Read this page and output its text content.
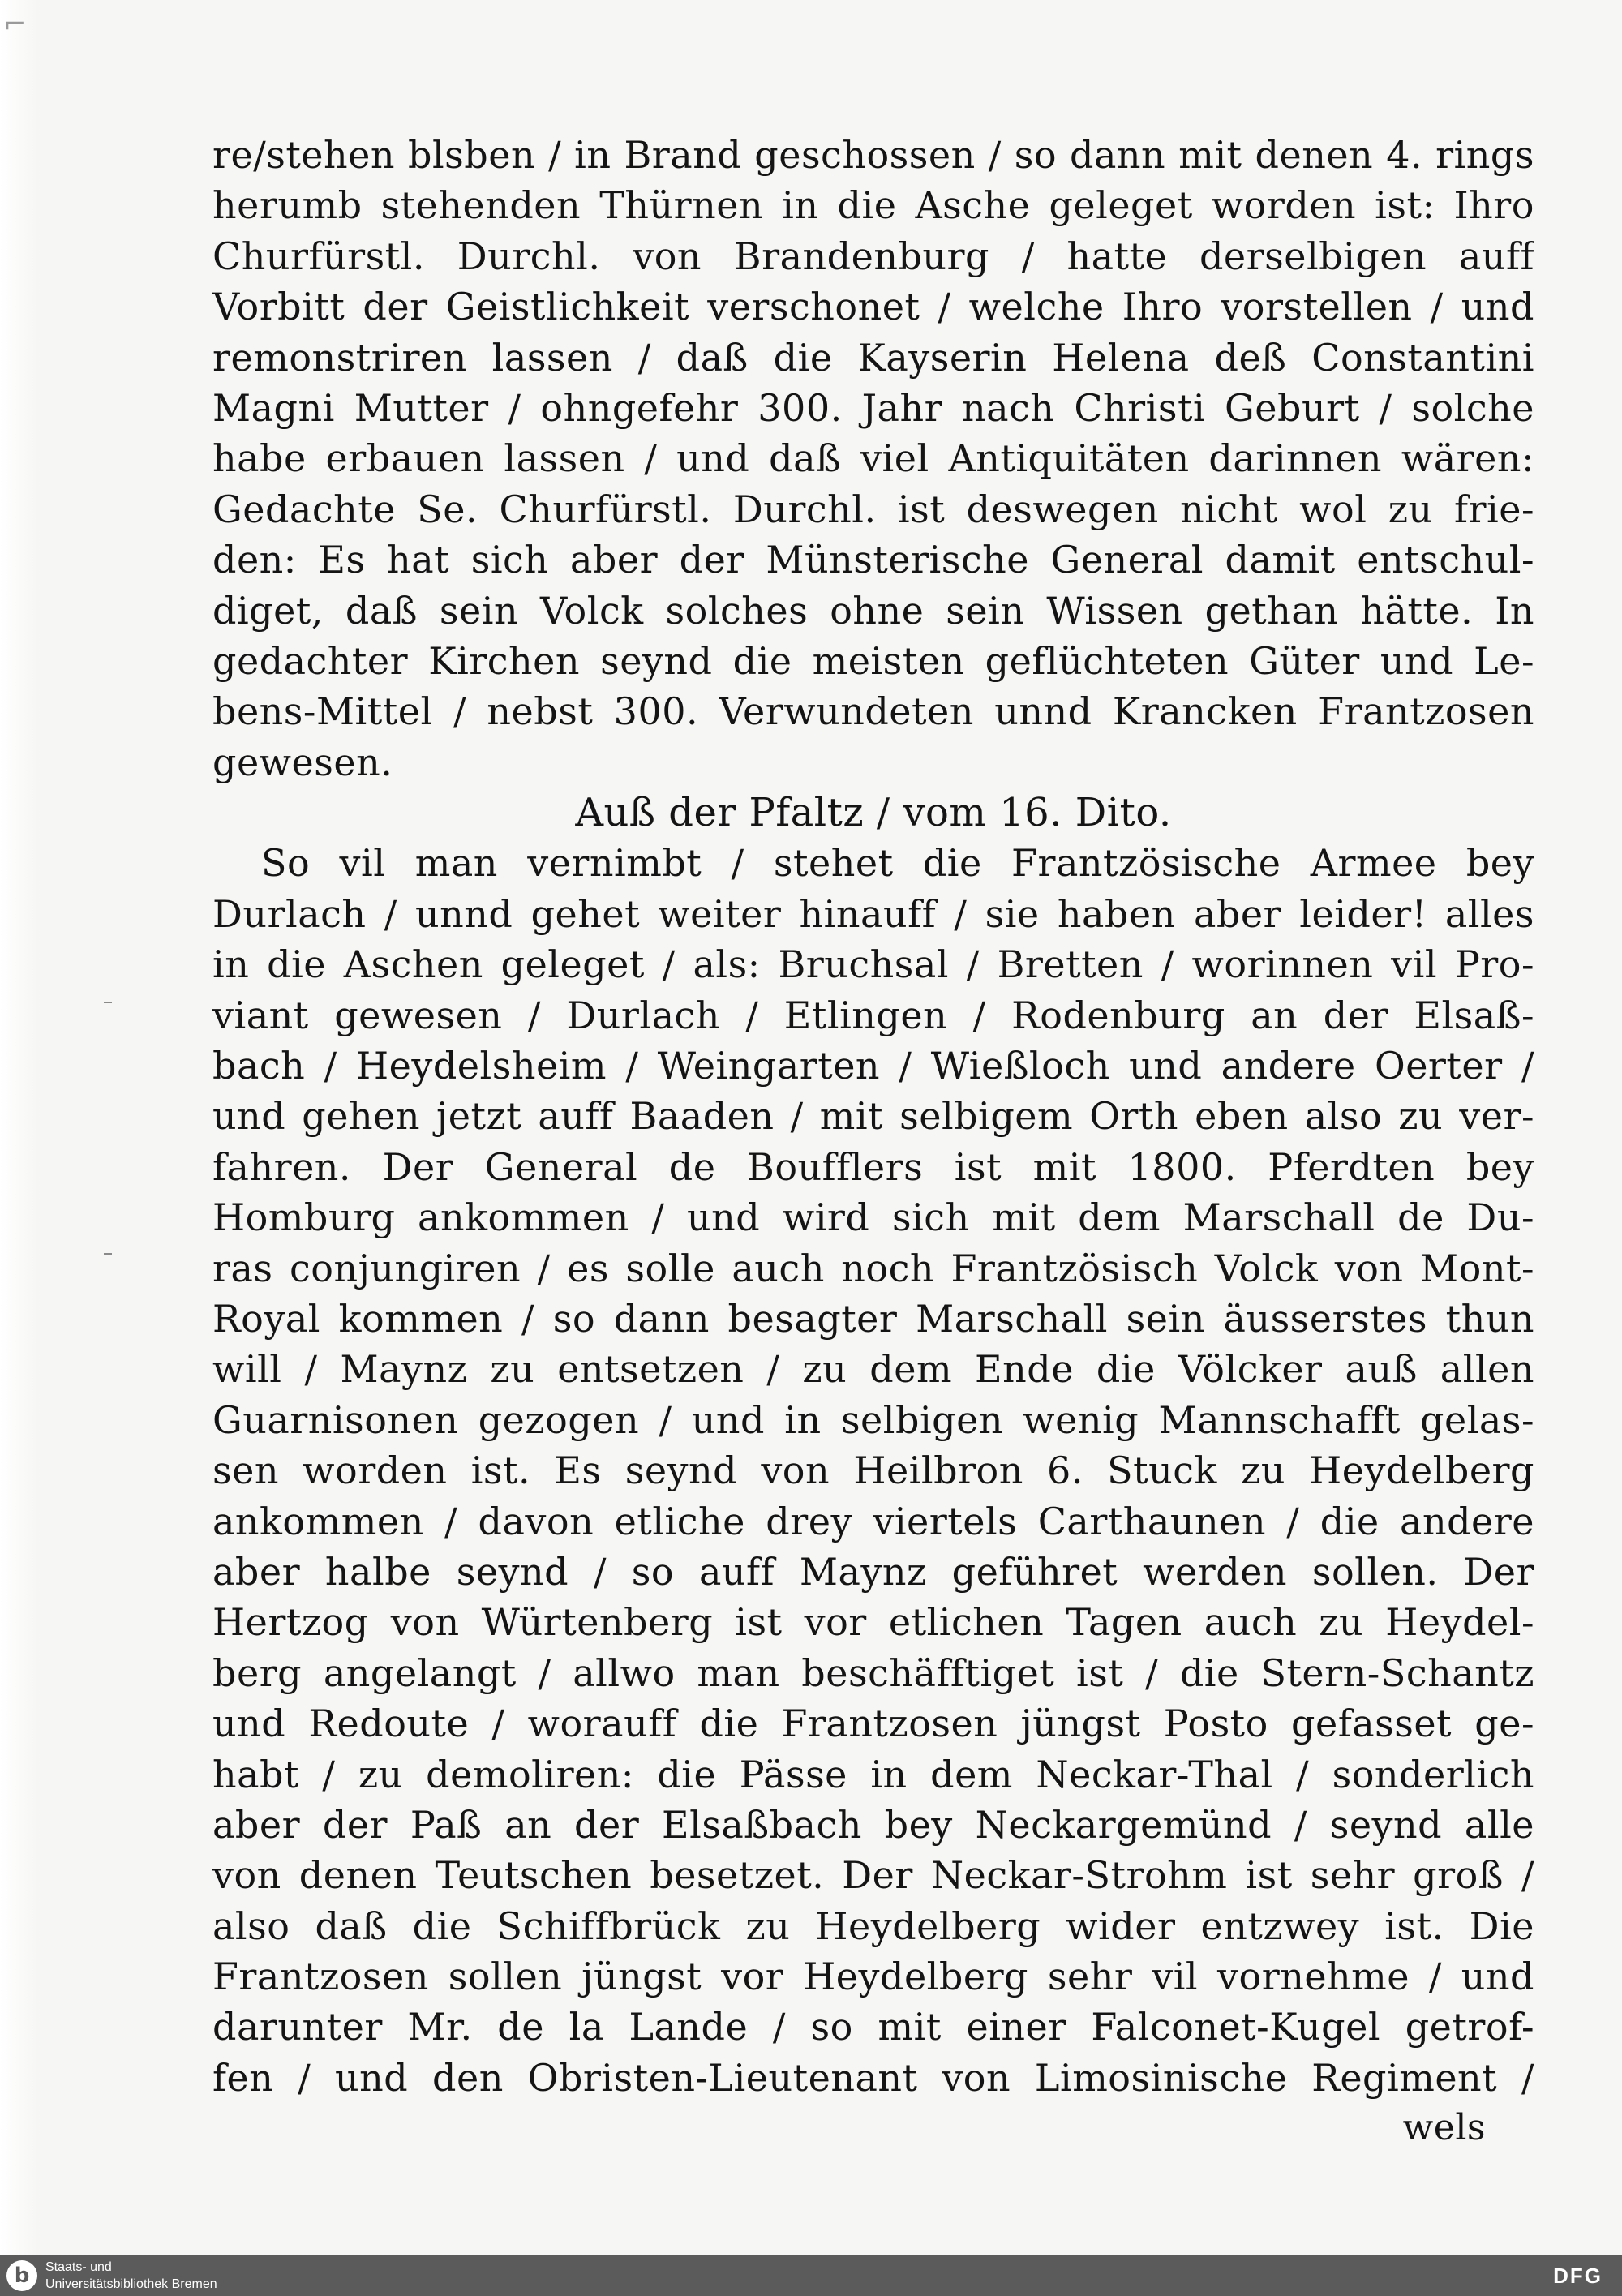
⌐
re/stehen blsben / in Brand geschossen / so dann mit denen 4. rings
herumb stehenden Thürnen in die Asche geleget worden ist: Ihro
Churfürstl. Durchl. von Brandenburg / hatte derselbigen auff
Vorbitt der Geistlichkeit verschonet / welche Ihro vorstellen / und
remonstriren lassen / daß die Kayserin Helena deß Constantini
Magni Mutter / ohngefehr 300. Jahr nach Christi Geburt / solche
habe erbauen lassen / und daß viel Antiquitäten darinnen wären:
Gedachte Se. Churfürstl. Durchl. ist deswegen nicht wol zu frie-
den: Es hat sich aber der Münsterische General damit entschul-
diget, daß sein Volck solches ohne sein Wissen gethan hätte. In
gedachter Kirchen seynd die meisten geflüchteten Güter und Le-
bens-Mittel / nebst 300. Verwundeten unnd Krancken Frantzosen
gewesen.
Auß der Pfaltz / vom 16. Dito.
So vil man vernimbt / stehet die Frantzösische Armee bey
Durlach / unnd gehet weiter hinauff / sie haben aber leider! alles
in die Aschen geleget / als: Bruchsal / Bretten / worinnen vil Pro-
viant gewesen / Durlach / Etlingen / Rodenburg an der Elsaß-
bach / Heydelsheim / Weingarten / Wießloch und andere Oerter /
und gehen jetzt auff Baaden / mit selbigem Orth eben also zu ver-
fahren. Der General de Boufflers ist mit 1800. Pferdten bey
Homburg ankommen / und wird sich mit dem Marschall de Du-
ras conjungiren / es solle auch noch Frantzösisch Volck von Mont-
Royal kommen / so dann besagter Marschall sein äusserstes thun
will / Maynz zu entsetzen / zu dem Ende die Völcker auß allen
Guarnisonen gezogen / und in selbigen wenig Mannschafft gelas-
sen worden ist. Es seynd von Heilbron 6. Stuck zu Heydelberg
ankommen / davon etliche drey viertels Carthaunen / die andere
aber halbe seynd / so auff Maynz geführet werden sollen. Der
Hertzog von Würtenberg ist vor etlichen Tagen auch zu Heydel-
berg angelangt / allwo man beschäfftiget ist / die Stern-Schantz
und Redoute / worauff die Frantzosen jüngst Posto gefasset ge-
habt / zu demoliren: die Pässe in dem Neckar-Thal / sonderlich
aber der Paß an der Elsaßbach bey Neckargemünd / seynd alle
von denen Teutschen besetzet. Der Neckar-Strohm ist sehr groß /
also daß die Schiffbrück zu Heydelberg wider entzwey ist. Die
Frantzosen sollen jüngst vor Heydelberg sehr vil vornehme / und
darunter Mr. de la Lande / so mit einer Falconet-Kugel getrof-
fen / und den Obristen-Lieutenant von Limosinische Regiment /
wels
b	Staats- und
Universitätsbibliothek Bremen	DFG
